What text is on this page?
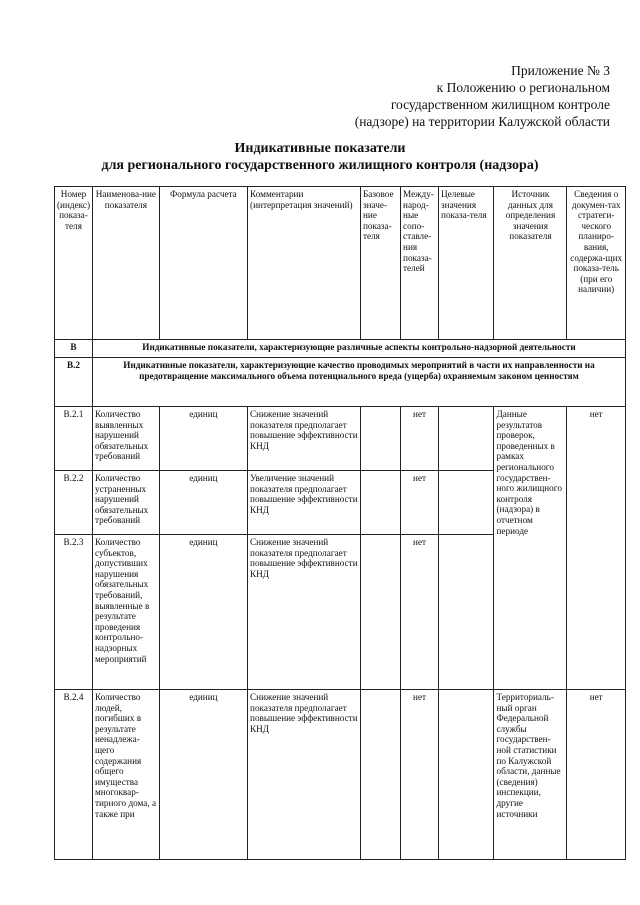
Приложение № 3
к Положению о региональном
государственном жилищном контроле
(надзоре) на территории Калужской области
Индикативные показатели
для регионального государственного жилищного контроля (надзора)
Номер (индекс) показа-теля	Наименова-ние показателя	Формула расчета	Комментарии (интерпретация значений)	Базовое значе-ние показа-теля	Между-народ-ные сопо-ставле-ния показа-телей	Целевые значения показа-теля	Источник данных для определения значения показателя	Сведения о докумен-тах стратеги-ческого планиро-вания, содержа-щих показа-тель (при его наличии)
В	Индикативные показатели, характеризующие различные аспекты контрольно-надзорной деятельности							
В.2	Индикативные показатели, характеризующие качество проводимых мероприятий в части их направленности на предотвращение максимального объема потенциального вреда (ущерба) охраняемым законом ценностям							
В.2.1	Количество выявленных нарушений обязательных требований	единиц	Снижение значений показателя предполагает повышение эффективности КНД		нет		Данные результатов проверок, проведенных в рамках регионального государствен-ного жилищного контроля (надзора) в отчетном периоде	нет
В.2.2	Количество устраненных нарушений обязательных требований	единиц	Увеличение значений показателя предполагает повышение эффективности КНД		нет			
В.2.3	Количество субъектов, допустивших нарушения обязательных требований, выявленные в результате проведения контрольно-надзорных мероприятий	единиц	Снижение значений показателя предполагает повышение эффективности КНД		нет			
В.2.4	Количество людей, погибших в результате ненадлежа-щего содержания общего имущества многоквар-тирного дома, а также при	единиц	Снижение значений показателя предполагает повышение эффективности КНД		нет		Территориаль-ный орган Федеральной службы государствен-ной статистики по Калужской области, данные (сведения) инспекции, другие источники	нет
